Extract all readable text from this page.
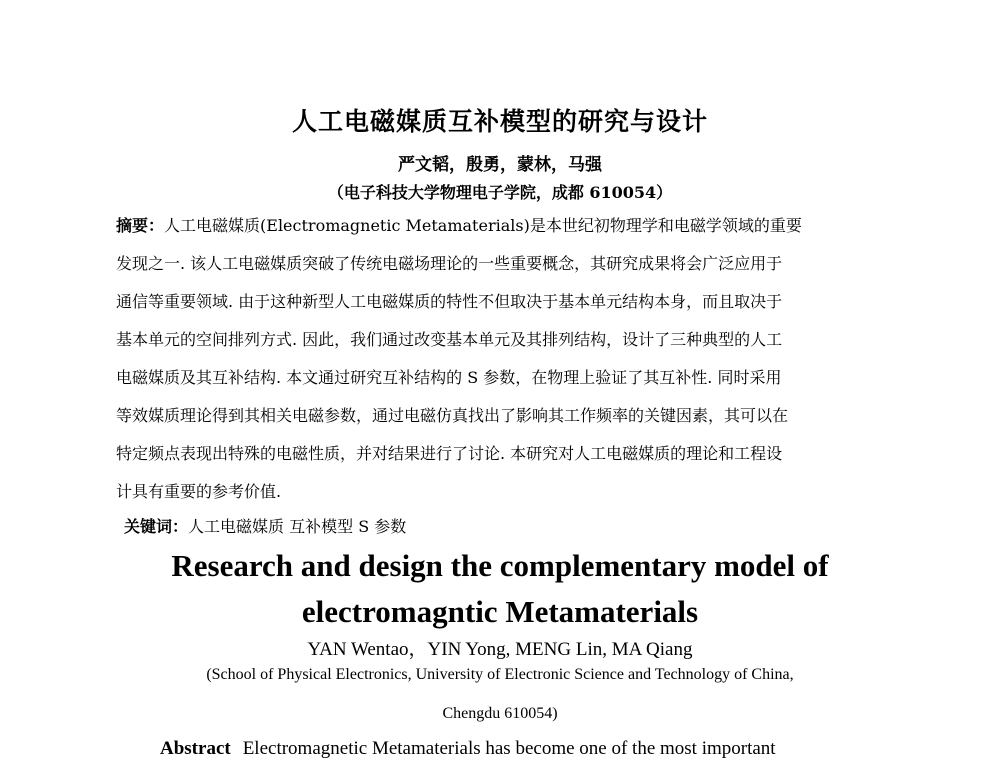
人工电磁媒质互补模型的研究与设计
严文韬，殷勇，蒙林，马强
（电子科技大学物理电子学院，成都 610054）
摘要：人工电磁媒质(Electromagnetic Metamaterials)是本世纪初物理学和电磁学领域的重要
发现之一. 该人工电磁媒质突破了传统电磁场理论的一些重要概念，其研究成果将会广泛应用于
通信等重要领域. 由于这种新型人工电磁媒质的特性不但取决于基本单元结构本身，而且取决于
基本单元的空间排列方式. 因此，我们通过改变基本单元及其排列结构，设计了三种典型的人工
电磁媒质及其互补结构. 本文通过研究互补结构的 S 参数，在物理上验证了其互补性. 同时采用
等效媒质理论得到其相关电磁参数，通过电磁仿真找出了影响其工作频率的关键因素，其可以在
特定频点表现出特殊的电磁性质，并对结果进行了讨论. 本研究对人工电磁媒质的理论和工程设
计具有重要的参考价值.
关键词：人工电磁媒质 互补模型 S 参数
Research and design the complementary model of
electromagntic Metamaterials
YAN Wentao，YIN Yong, MENG Lin, MA Qiang
(School of Physical Electronics, University of Electronic Science and Technology of China,
Chengdu 610054)
Abstract Electromagnetic Metamaterials has become one of the most important
